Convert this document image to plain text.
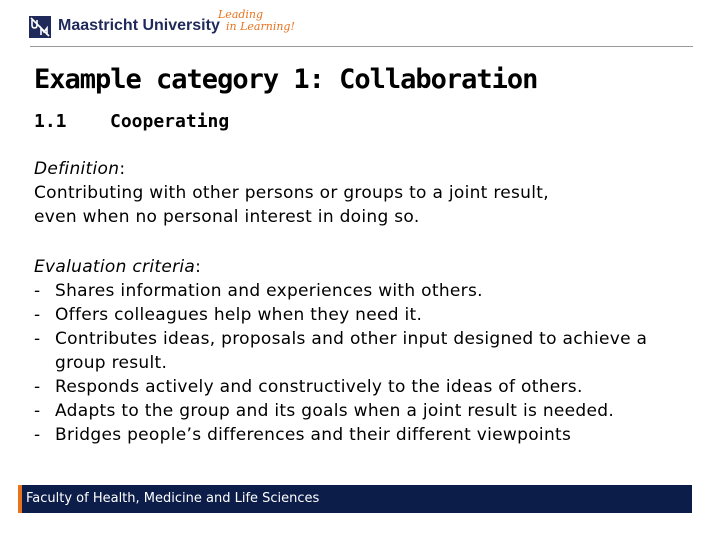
Maastricht University
Leading
in Learning!
Example category 1: Collaboration
1.1 Cooperating
Definition:
Contributing with other persons or groups to a joint result,
even when no personal interest in doing so.
Evaluation criteria:
- Shares information and experiences with others.
- Offers colleagues help when they need it.
- Contributes ideas, proposals and other input designed to achieve a group result.
- Responds actively and constructively to the ideas of others.
- Adapts to the group and its goals when a joint result is needed.
- Bridges people’s differences and their different viewpoints
Faculty of Health, Medicine and Life Sciences
